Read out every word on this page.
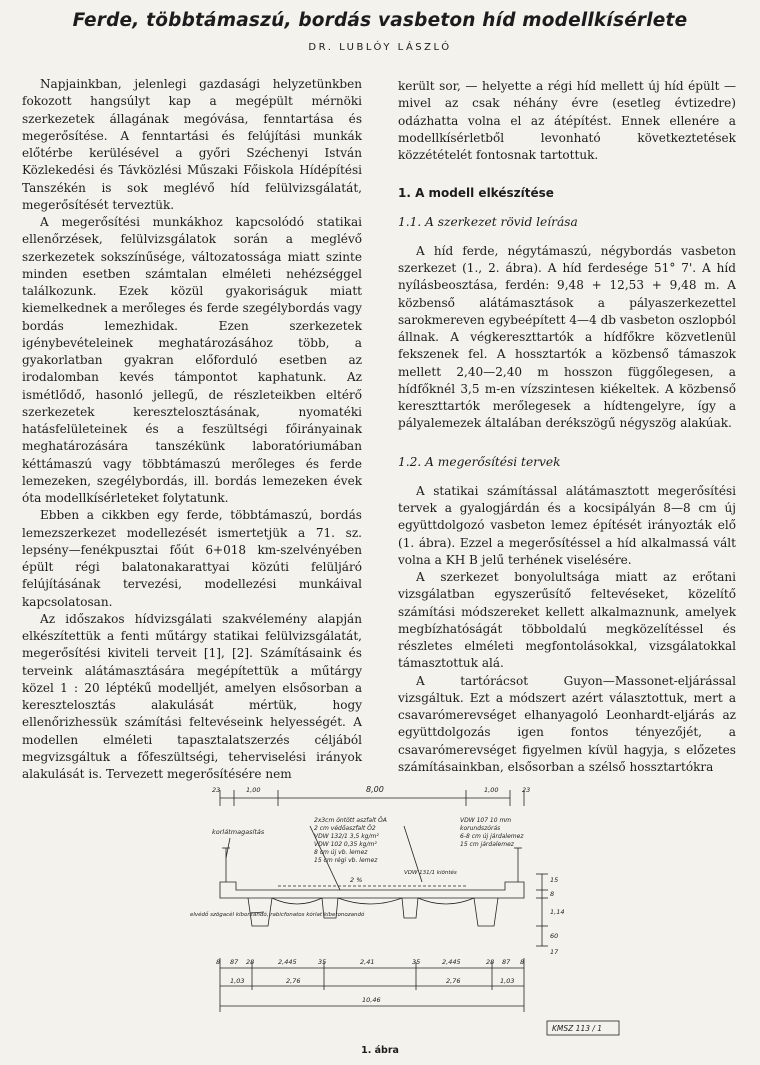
Ferde, többtámaszú, bordás vasbeton híd modellkísérlete
DR. LUBLÓY LÁSZLÓ

Napjainkban, jelenlegi gazdasági helyzetünkben fokozott hangsúlyt kap a megépült mérnöki szerkezetek állagának megóvása, fenntartása és megerősítése. A fenntartási és felújítási munkák előtérbe kerülésével a győri Széchenyi István Közlekedési és Távközlési Műszaki Főiskola Hídépítési Tanszékén is sok meglévő híd felülvizsgálatát, megerősítését terveztük.

A megerősítési munkákhoz kapcsolódó statikai ellenőrzések, felülvizsgálatok során a meglévő szerkezetek sokszínűsége, változatossága miatt szinte minden esetben számtalan elméleti nehézséggel találkozunk. Ezek közül gyakoriságuk miatt kiemelkednek a merőleges és ferde szegélybordás vagy bordás lemezhidak. Ezen szerkezetek igénybevételeinek meghatározásához több, a gyakorlatban gyakran előforduló esetben az irodalomban kevés támpontot kaphatunk. Az ismétlődő, hasonló jellegű, de részleteikben eltérő szerkezetek keresztelosztásának, nyomatéki hatásfelületeinek és a feszültségi főirányainak meghatározására tanszékünk laboratóriumában kéttámaszú vagy többtámaszú merőleges és ferde lemezeken, szegélybordás, ill. bordás lemezeken évek óta modellkísérleteket folytatunk.

Ebben a cikkben egy ferde, többtámaszú, bordás lemezszerkezet modellezését ismertetjük a 71. sz. lepsény—fenékpusztai főút 6+018 km-szelvényében épült régi balatonakarattyai közúti felüljáró felújításának tervezési, modellezési munkáival kapcsolatosan.

Az időszakos hídvizsgálati szakvélemény alapján elkészítettük a fenti műtárgy statikai felülvizsgálatát, megerősítési kiviteli terveit [1], [2]. Számításaink és terveink alátámasztására megépítettük a műtárgy közel 1 : 20 léptékű modelljét, amelyen elsősorban a keresztelosztás alakulását mértük, hogy ellenőrizhessük számítási feltevéseink helyességét. A modellen elméleti tapasztalatszerzés céljából megvizsgáltuk a főfeszültségi, teherviselési irányok alakulását is. Tervezett megerősítésére nem

került sor, — helyette a régi híd mellett új híd épült — mivel az csak néhány évre (esetleg évtizedre) odázhatta volna el az átépítést. Ennek ellenére a modellkísérletből levonható következtetések közzétételét fontosnak tartottuk.

1. A modell elkészítése
1.1. A szerkezet rövid leírása

A híd ferde, négytámaszú, négybordás vasbeton szerkezet (1., 2. ábra). A híd ferdesége 51° 7'. A híd nyílásbeosztása, ferdén: 9,48 + 12,53 + 9,48 m. A közbenső alátámasztások a pályaszerkezettel sarokmereven egybeépített 4—4 db vasbeton oszlopból állnak. A végkereszttartók a hídfőkre közvetlenül fekszenek fel. A hossztartók a közbenső támaszok mellett 2,40—2,40 m hosszon függőlegesen, a hídfőknél 3,5 m-en vízszintesen kiékeltek. A közbenső kereszttartók merőlegesek a hídtengelyre, így a pályalemezek általában derékszögű négyszög alakúak.

1.2. A megerősítési tervek

A statikai számítással alátámasztott megerősítési tervek a gyalogjárdán és a kocsipályán 8—8 cm új együttdolgozó vasbeton lemez építését irányozták elő (1. ábra). Ezzel a megerősítéssel a híd alkalmassá vált volna a KH B jelű terhének viselésére.

A szerkezet bonyolultsága miatt az erőtani vizsgálatban egyszerűsítő feltevéseket, közelítő számítási módszereket kellett alkalmaznunk, amelyek megbízhatóságát többoldalú megközelítéssel és részletes elméleti megfontolásokkal, vizsgálatokkal támasztottuk alá.

A tartórácsot Guyon—Massonet-eljárással vizsgáltuk. Ezt a módszert azért választottuk, mert a csavarómerevséget elhanyagoló Leonhardt-eljárás az együttdolgozás igen fontos tényezőjét, a csavarómerevséget figyelmen kívül hagyja, s előzetes számításainkban, elsősorban a szélső hossztartókra

23	1,00	8,00	1,00	23
2x3cm öntött aszfalt ÖA
2 cm védőaszfalt Ö2
VDW 132/1 3,5 kg/m²
VDW 102 0,35 kg/m²
8 cm új vb. lemez
15 cm régi vb. lemez
VDW 107 10 mm
korundszórás
6-8 cm új járdalemez
15 cm járdalemez
korlátmagasítás
elvédő szögacél kibontandó, rabicfonatos kórlat kibetonozandó
2 %
VDW 131/1 kiöntés
8 87 28	2,445	35	2,41	35	2,445	28 87 8
1,03	2,76	2,76	1,03
10,46
15
8
1,14
60
17
KMSZ 113 / 1
1. ábra
